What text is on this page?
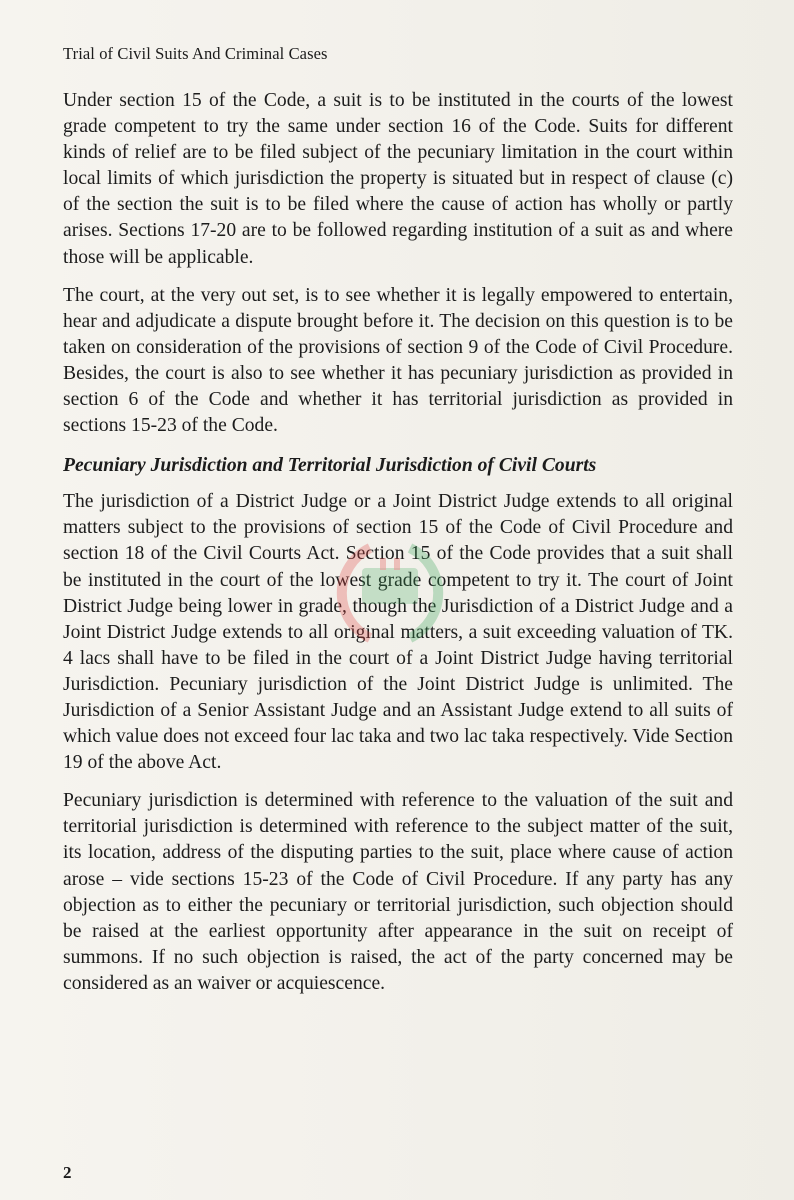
Trial of Civil Suits And Criminal Cases

Under section 15 of the Code, a suit is to be instituted in the courts of the lowest grade competent to try the same under section 16 of the Code. Suits for different kinds of relief are to be filed subject of the pecuniary limitation in the court within local limits of which jurisdiction the property is situated but in respect of clause (c) of the section the suit is to be filed where the cause of action has wholly or partly arises. Sections 17-20 are to be followed regarding institution of a suit as and where those will be applicable.

The court, at the very out set, is to see whether it is legally empowered to entertain, hear and adjudicate a dispute brought before it. The decision on this question is to be taken on consideration of the provisions of section 9 of the Code of Civil Procedure. Besides, the court is also to see whether it has pecuniary jurisdiction as provided in section 6 of the Code and whether it has territorial jurisdiction as provided in sections 15-23 of the Code.

Pecuniary Jurisdiction and Territorial Jurisdiction of Civil Courts

The jurisdiction of a District Judge or a Joint District Judge extends to all original matters subject to the provisions of section 15 of the Code of Civil Procedure and section 18 of the Civil Courts Act. Section 15 of the Code provides that a suit shall be instituted in the court of the lowest grade competent to try it. The court of Joint District Judge being lower in grade, though the Jurisdiction of a District Judge and a Joint District Judge extends to all original matters, a suit exceeding valuation of TK. 4 lacs shall have to be filed in the court of a Joint District Judge having territorial Jurisdiction. Pecuniary jurisdiction of the Joint District Judge is unlimited. The Jurisdiction of a Senior Assistant Judge and an Assistant Judge extend to all suits of which value does not exceed four lac taka and two lac taka respectively. Vide Section 19 of the above Act.

Pecuniary jurisdiction is determined with reference to the valuation of the suit and territorial jurisdiction is determined with reference to the subject matter of the suit, its location, address of the disputing parties to the suit, place where cause of action arose – vide sections 15-23 of the Code of Civil Procedure. If any party has any objection as to either the pecuniary or territorial jurisdiction, such objection should be raised at the earliest opportunity after appearance in the suit on receipt of summons. If no such objection is raised, the act of the party concerned may be considered as an waiver or acquiescence.

2
